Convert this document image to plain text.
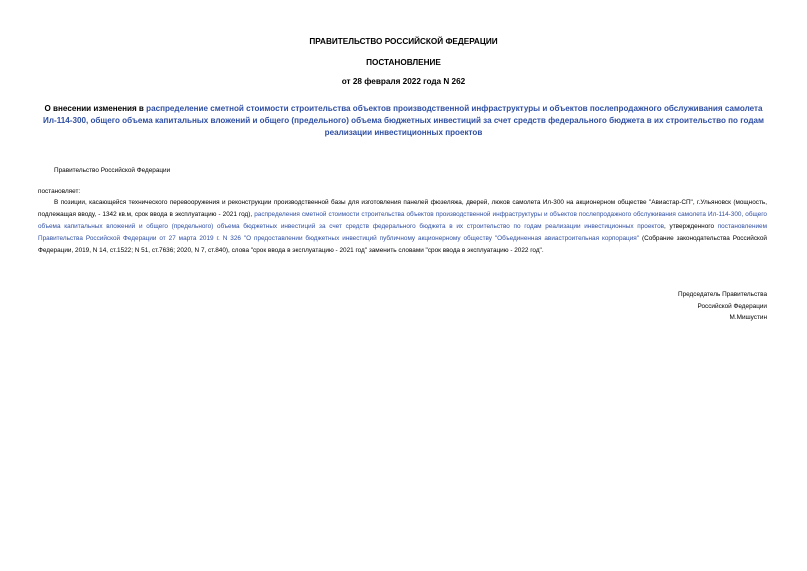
ПРАВИТЕЛЬСТВО РОССИЙСКОЙ ФЕДЕРАЦИИ
ПОСТАНОВЛЕНИЕ
от 28 февраля 2022 года N 262
О внесении изменения в распределение сметной стоимости строительства объектов производственной инфраструктуры и объектов послепродажного обслуживания самолета Ил-114-300, общего объема капитальных вложений и общего (предельного) объема бюджетных инвестиций за счет средств федерального бюджета в их строительство по годам реализации инвестиционных проектов
Правительство Российской Федерации
постановляет:
В позиции, касающейся технического перевооружения и реконструкции производственной базы для изготовления панелей фюзеляжа, дверей, люков самолета Ил-300 на акционерном обществе "Авиастар-СП", г.Ульяновск (мощность, подлежащая вводу, - 1342 кв.м, срок ввода в эксплуатацию - 2021 год), распределения сметной стоимости строительства объектов производственной инфраструктуры и объектов послепродажного обслуживания самолета Ил-114-300, общего объема капитальных вложений и общего (предельного) объема бюджетных инвестиций за счет средств федерального бюджета в их строительство по годам реализации инвестиционных проектов, утвержденного постановлением Правительства Российской Федерации от 27 марта 2019 г. N 326 "О предоставлении бюджетных инвестиций публичному акционерному обществу "Объединенная авиастроительная корпорация" (Собрание законодательства Российской Федерации, 2019, N 14, ст.1522; N 51, ст.7636; 2020, N 7, ст.840), слова "срок ввода в эксплуатацию - 2021 год" заменить словами "срок ввода в эксплуатацию - 2022 год".
Председатель Правительства
Российской Федерации
М.Мишустин
